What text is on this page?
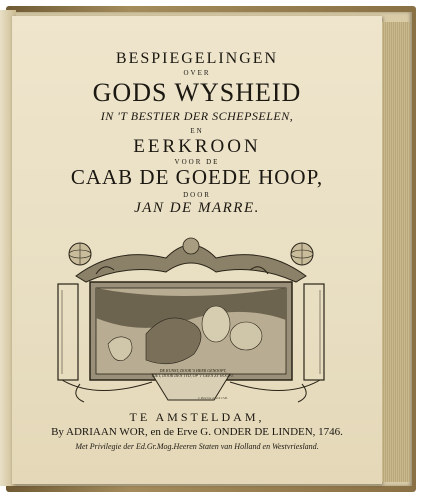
BESPIEGELINGEN
OVER
GODS WYSHEID
IN 'T BESTIER DER SCHEPSELEN,
EN
EERKROON
VOOR DE
CAAB DE GOEDE HOOP,
DOOR
JAN DE MARRE.
DE KUNST, DOOR 'S HEER GENOOPT,
ZIET, DOOR DEN TYD, OP 'T GEEN ZY HOOPT.
J. Punt inv. et fecit 1746.
TE AMSTELDAM,
By ADRIAAN WOR, en de Erve G. ONDER DE LINDEN, 1746.
Met Privilegie der Ed.Gr.Mog.Heeren Staten van Holland en Westvriesland.
